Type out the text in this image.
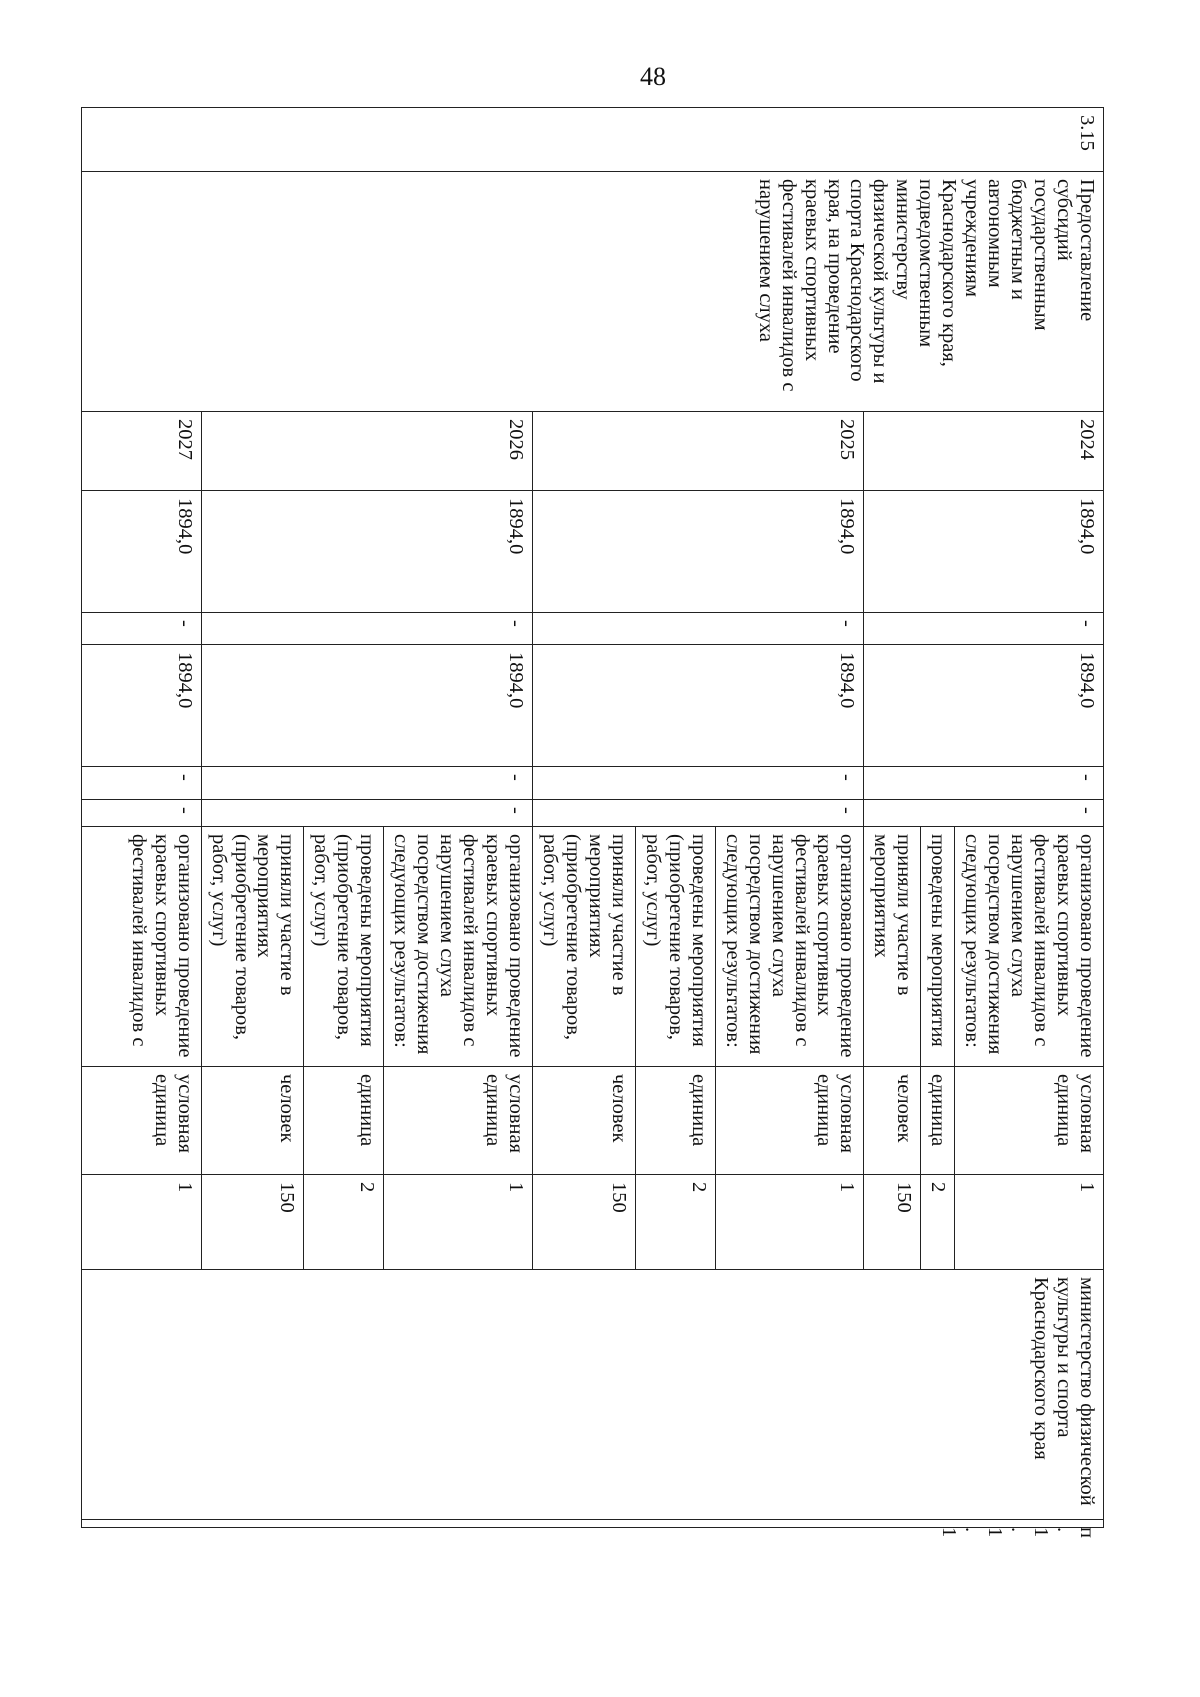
48
3.15	Предоставление субсидий государственным бюджетным и автономным учреждениям Краснодарского края, подведомственным министерству физической культуры и спорта Краснодарского края, на проведение краевых спортивных фестивалей инвалидов с нарушением слуха	2024	1894,0	-	1894,0	-	-	организовано проведение краевых спортивных фестивалей инвалидов с нарушением слуха посредством достижения следующих результатов:	условная единица	1	министерство физической культуры и спорта Краснодарского края	п. 1.1.1
								проведены мероприятия	единица	2		
								приняли участие в мероприятиях	человек	150		
		2025	1894,0	-	1894,0	-	-	организовано проведение краевых спортивных фестивалей инвалидов с нарушением слуха посредством достижения следующих результатов:	условная единица	1		
								проведены мероприятия (приобретение товаров, работ, услуг)	единица	2		
								приняли участие в мероприятиях (приобретение товаров, работ, услуг)	человек	150		
		2026	1894,0	-	1894,0	-	-	организовано проведение краевых спортивных фестивалей инвалидов с нарушением слуха посредством достижения следующих результатов:	условная единица	1		
								проведены мероприятия (приобретение товаров, работ, услуг)	единица	2		
								приняли участие в мероприятиях (приобретение товаров, работ, услуг)	человек	150		
		2027	1894,0	-	1894,0	-	-	организовано проведение краевых спортивных фестивалей инвалидов с	условная единица	1		
